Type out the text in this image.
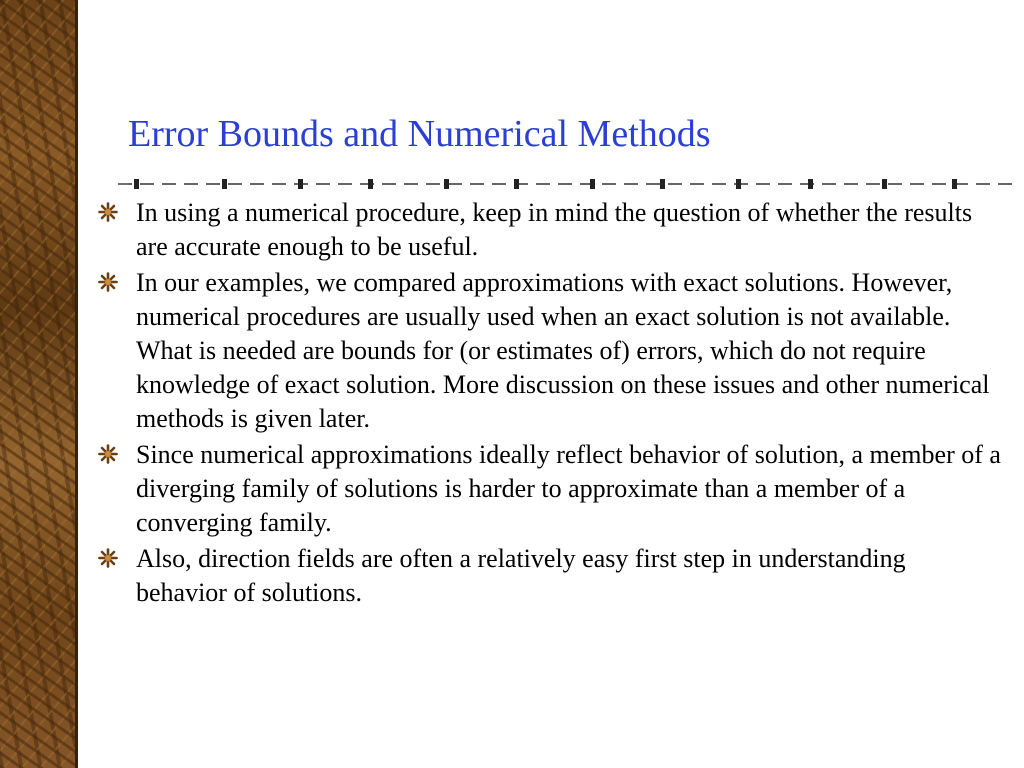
Error Bounds and Numerical Methods
In using a numerical procedure, keep in mind the question of whether the results are accurate enough to be useful.
In our examples, we compared approximations with exact solutions. However, numerical procedures are usually used when an exact solution is not available. What is needed are bounds for (or estimates of) errors, which do not require knowledge of exact solution. More discussion on these issues and other numerical methods is given later.
Since numerical approximations ideally reflect behavior of solution, a member of a diverging family of solutions is harder to approximate than a member of a converging family.
Also, direction fields are often a relatively easy first step in understanding behavior of solutions.
